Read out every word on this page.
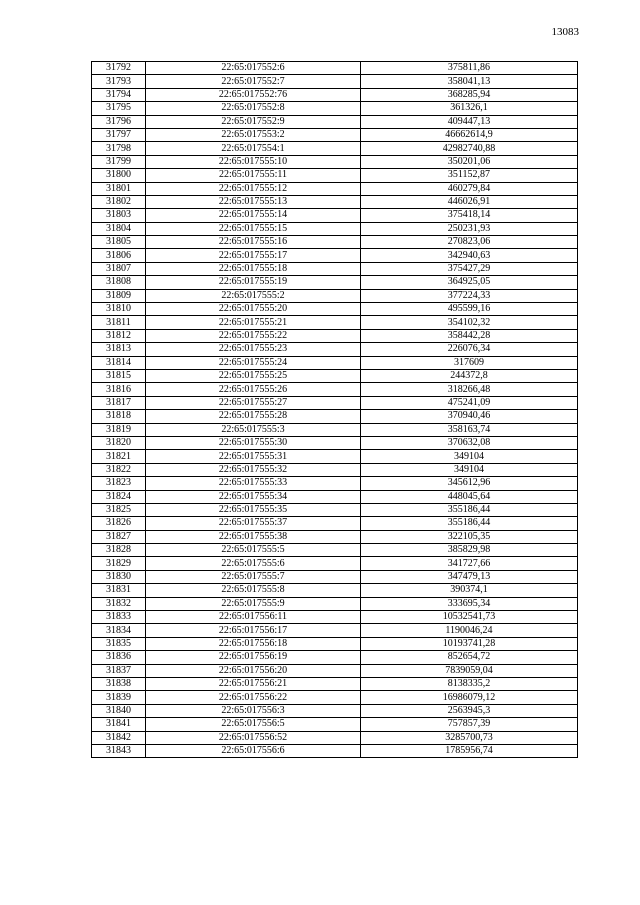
13083
31792	22:65:017552:6	375811,86
31793	22:65:017552:7	358041,13
31794	22:65:017552:76	368285,94
31795	22:65:017552:8	361326,1
31796	22:65:017552:9	409447,13
31797	22:65:017553:2	46662614,9
31798	22:65:017554:1	42982740,88
31799	22:65:017555:10	350201,06
31800	22:65:017555:11	351152,87
31801	22:65:017555:12	460279,84
31802	22:65:017555:13	446026,91
31803	22:65:017555:14	375418,14
31804	22:65:017555:15	250231,93
31805	22:65:017555:16	270823,06
31806	22:65:017555:17	342940,63
31807	22:65:017555:18	375427,29
31808	22:65:017555:19	364925,05
31809	22:65:017555:2	377224,33
31810	22:65:017555:20	495599,16
31811	22:65:017555:21	354102,32
31812	22:65:017555:22	358442,28
31813	22:65:017555:23	226076,34
31814	22:65:017555:24	317609
31815	22:65:017555:25	244372,8
31816	22:65:017555:26	318266,48
31817	22:65:017555:27	475241,09
31818	22:65:017555:28	370940,46
31819	22:65:017555:3	358163,74
31820	22:65:017555:30	370632,08
31821	22:65:017555:31	349104
31822	22:65:017555:32	349104
31823	22:65:017555:33	345612,96
31824	22:65:017555:34	448045,64
31825	22:65:017555:35	355186,44
31826	22:65:017555:37	355186,44
31827	22:65:017555:38	322105,35
31828	22:65:017555:5	385829,98
31829	22:65:017555:6	341727,66
31830	22:65:017555:7	347479,13
31831	22:65:017555:8	390374,1
31832	22:65:017555:9	333695,34
31833	22:65:017556:11	10532541,73
31834	22:65:017556:17	1190046,24
31835	22:65:017556:18	10193741,28
31836	22:65:017556:19	852654,72
31837	22:65:017556:20	7839059,04
31838	22:65:017556:21	8138335,2
31839	22:65:017556:22	16986079,12
31840	22:65:017556:3	2563945,3
31841	22:65:017556:5	757857,39
31842	22:65:017556:52	3285700,73
31843	22:65:017556:6	1785956,74
